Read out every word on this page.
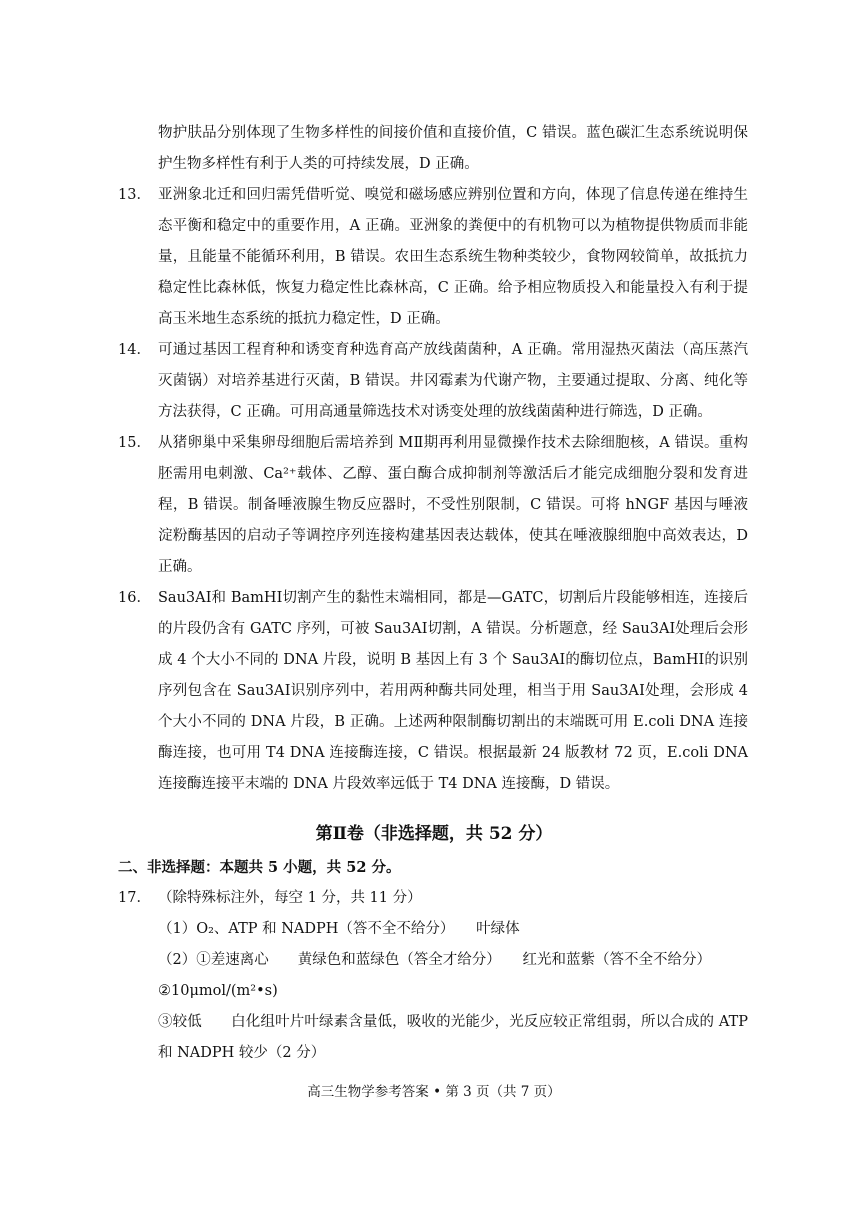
物护肤品分别体现了生物多样性的间接价值和直接价值，C 错误。蓝色碳汇生态系统说明保护生物多样性有利于人类的可持续发展，D 正确。

13． 亚洲象北迁和回归需凭借听觉、嗅觉和磁场感应辨别位置和方向，体现了信息传递在维持生态平衡和稳定中的重要作用，A 正确。亚洲象的粪便中的有机物可以为植物提供物质而非能量，且能量不能循环利用，B 错误。农田生态系统生物种类较少，食物网较简单，故抵抗力稳定性比森林低，恢复力稳定性比森林高，C 正确。给予相应物质投入和能量投入有利于提高玉米地生态系统的抵抗力稳定性，D 正确。

14． 可通过基因工程育种和诱变育种选育高产放线菌菌种，A 正确。常用湿热灭菌法（高压蒸汽灭菌锅）对培养基进行灭菌，B 错误。井冈霉素为代谢产物，主要通过提取、分离、纯化等方法获得，C 正确。可用高通量筛选技术对诱变处理的放线菌菌种进行筛选，D 正确。

15． 从猪卵巢中采集卵母细胞后需培养到 MⅡ期再利用显微操作技术去除细胞核，A 错误。重构胚需用电刺激、Ca²⁺载体、乙醇、蛋白酶合成抑制剂等激活后才能完成细胞分裂和发育进程，B 错误。制备唾液腺生物反应器时，不受性别限制，C 错误。可将 hNGF 基因与唾液淀粉酶基因的启动子等调控序列连接构建基因表达载体，使其在唾液腺细胞中高效表达，D 正确。

16． Sau3AⅠ和 BamHⅠ切割产生的黏性末端相同，都是—GATC，切割后片段能够相连，连接后的片段仍含有 GATC 序列，可被 Sau3AⅠ切割，A 错误。分析题意，经 Sau3AⅠ处理后会形成 4 个大小不同的 DNA 片段，说明 B 基因上有 3 个 Sau3AⅠ的酶切位点，BamHⅠ的识别序列包含在 Sau3AⅠ识别序列中，若用两种酶共同处理，相当于用 Sau3AⅠ处理，会形成 4 个大小不同的 DNA 片段，B 正确。上述两种限制酶切割出的末端既可用 E.coli DNA 连接酶连接，也可用 T4 DNA 连接酶连接，C 错误。根据最新 24 版教材 72 页，E.coli DNA 连接酶连接平末端的 DNA 片段效率远低于 T4 DNA 连接酶，D 错误。

第Ⅱ卷（非选择题，共 52 分）

二、非选择题：本题共 5 小题，共 52 分。

17． （除特殊标注外，每空 1 分，共 11 分）

（1）O₂、ATP 和 NADPH（答不全不给分）　　叶绿体
（2）①差速离心　　黄绿色和蓝绿色（答全才给分）　　红光和蓝紫（答不全不给分）
②10μmol/(m²•s)
③较低　　白化组叶片叶绿素含量低，吸收的光能少，光反应较正常组弱，所以合成的 ATP 和 NADPH 较少（2 分）
高三生物学参考答案 • 第 3 页（共 7 页）
